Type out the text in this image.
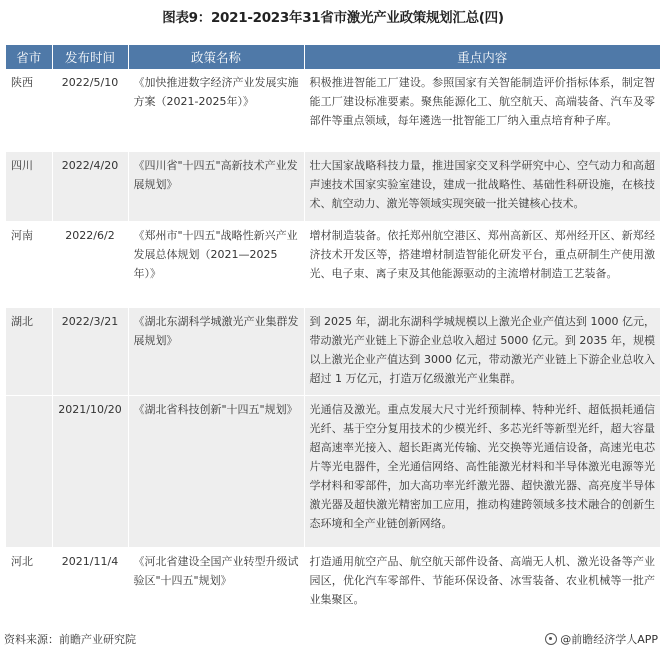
图表9：2021-2023年31省市激光产业政策规划汇总(四)
省市	发布时间	政策名称	重点内容
陕西	2022/5/10	《加快推进数字经济产业发展实施方案（2021-2025年）》	积极推进智能工厂建设。参照国家有关智能制造评价指标体系，制定智能工厂建设标准要素。聚焦能源化工、航空航天、高端装备、汽车及零部件等重点领域，每年遴选一批智能工厂纳入重点培育种子库。
四川	2022/4/20	《四川省"十四五"高新技术产业发展规划》	壮大国家战略科技力量，推进国家交叉科学研究中心、空气动力和高超声速技术国家实验室建设，建成一批战略性、基础性科研设施，在核技术、航空动力、激光等领域实现突破一批关键核心技术。
河南	2022/6/2	《郑州市"十四五"战略性新兴产业发展总体规划（2021—2025年）》	增材制造装备。依托郑州航空港区、郑州高新区、郑州经开区、新郑经济技术开发区等，搭建增材制造智能化研发平台，重点研制生产使用激光、电子束、离子束及其他能源驱动的主流增材制造工艺装备。
湖北	2022/3/21	《湖北东湖科学城激光产业集群发展规划》	到 2025 年，湖北东湖科学城规模以上激光企业产值达到 1000 亿元，带动激光产业链上下游企业总收入超过 5000 亿元。到 2035 年，规模以上激光企业产值达到 3000 亿元，带动激光产业链上下游企业总收入超过 1 万亿元，打造万亿级激光产业集群。
	2021/10/20	《湖北省科技创新"十四五"规划》	光通信及激光。重点发展大尺寸光纤预制棒、特种光纤、超低损耗通信光纤、基于空分复用技术的少模光纤、多芯光纤等新型光纤，超大容量超高速率光接入、超长距离光传输、光交换等光通信设备，高速光电芯片等光电器件，全光通信网络、高性能激光材料和半导体激光电源等光学材料和零部件，加大高功率光纤激光器、超快激光器、高亮度半导体激光器及超快激光精密加工应用，推动构建跨领域多技术融合的创新生态环境和全产业链创新网络。
河北	2021/11/4	《河北省建设全国产业转型升级试验区"十四五"规划》	打造通用航空产品、航空航天部件设备、高端无人机、激光设备等产业园区，优化汽车零部件、节能环保设备、冰雪装备、农业机械等一批产业集聚区。
资料来源：前瞻产业研究院	@前瞻经济学人APP
